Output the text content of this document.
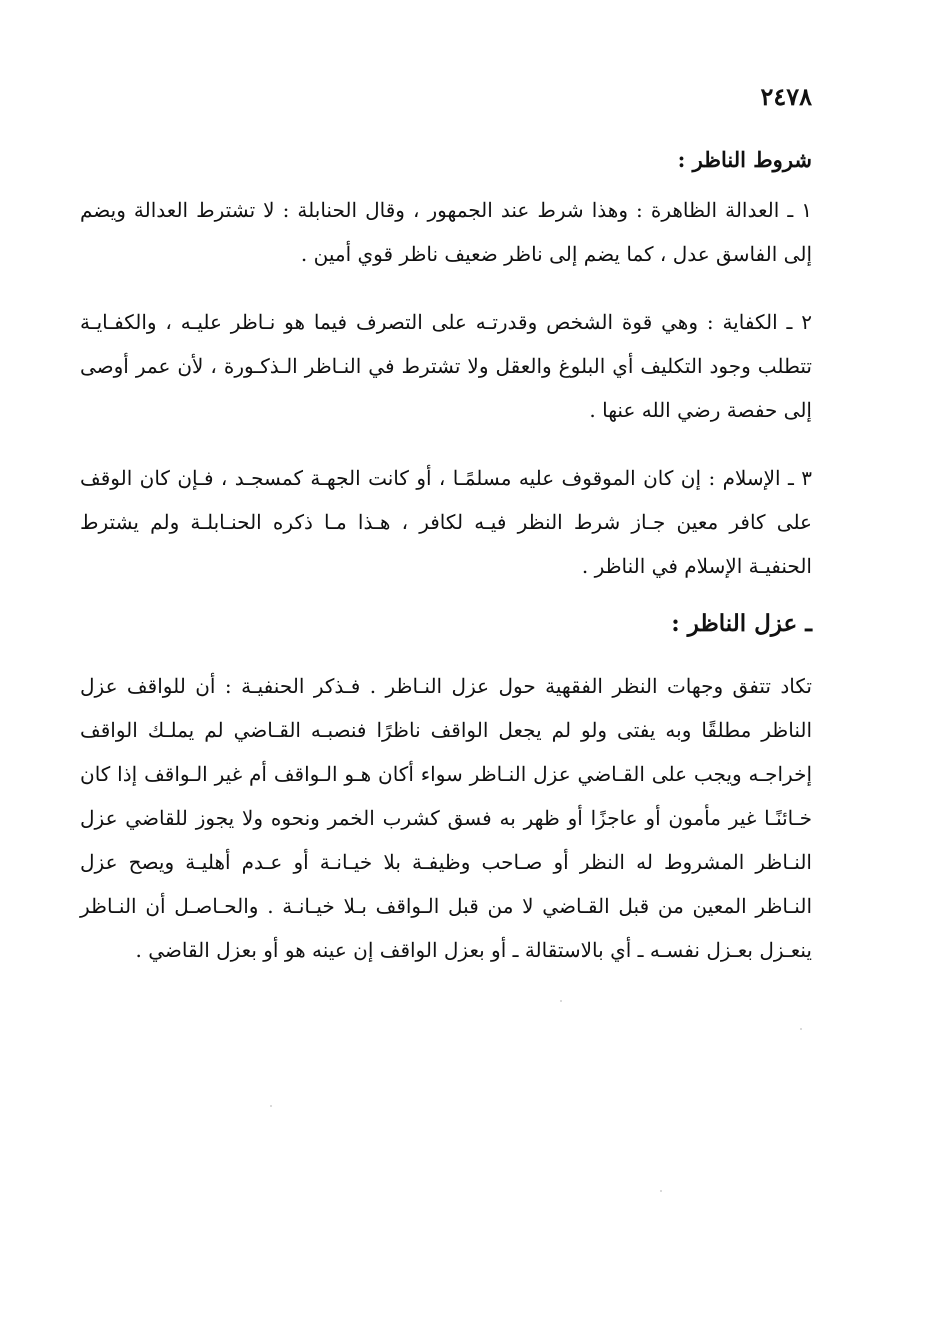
٢٤٧٨
شروط الناظر :

١ ـ العدالة الظاهرة : وهذا شرط عند الجمهور ، وقال الحنابلة : لا تشترط العدالة ويضم إلى الفاسق عدل ، كما يضم إلى ناظر ضعيف ناظر قوي أمين .

٢ ـ الكفاية : وهي قوة الشخص وقدرتـه على التصرف فيما هو نـاظر عليـه ، والكفـايـة تتطلب وجود التكليف أي البلوغ والعقل ولا تشترط في النـاظر الـذكـورة ، لأن عمر أوصى إلى حفصة رضي الله عنها .

٣ ـ الإسلام : إن كان الموقوف عليه مسلمًـا ، أو كانت الجهـة كمسجـد ، فـإن كان الوقف على كافر معين جـاز شرط النظر فيـه لكافر ، هـذا مـا ذكره الحنـابلـة ولم يشترط الحنفيـة الإسلام في الناظر .

ـ عزل الناظر :

تكاد تتفق وجهات النظر الفقهية حول عزل النـاظر . فـذكر الحنفيـة : أن للواقف عزل الناظر مطلقًا وبه يفتى ولو لم يجعل الواقف ناظرًا فنصبـه القـاضي لم يملـك الواقف إخراجـه ويجب على القـاضي عزل النـاظر سواء أكان هـو الـواقف أم غير الـواقف إذا كان خـائنًـا غير مأمون أو عاجزًا أو ظهر به فسق كشرب الخمر ونحوه ولا يجوز للقاضي عزل النـاظر المشروط له النظر أو صـاحب وظيفـة بلا خيـانـة أو عـدم أهليـة ويصح عزل النـاظر المعين من قبل القـاضي لا من قبل الـواقف بـلا خيـانـة . والحـاصـل أن النـاظر ينعـزل بعـزل نفسـه ـ أي بالاستقالة ـ أو بعزل الواقف إن عينه هو أو بعزل القاضي .
